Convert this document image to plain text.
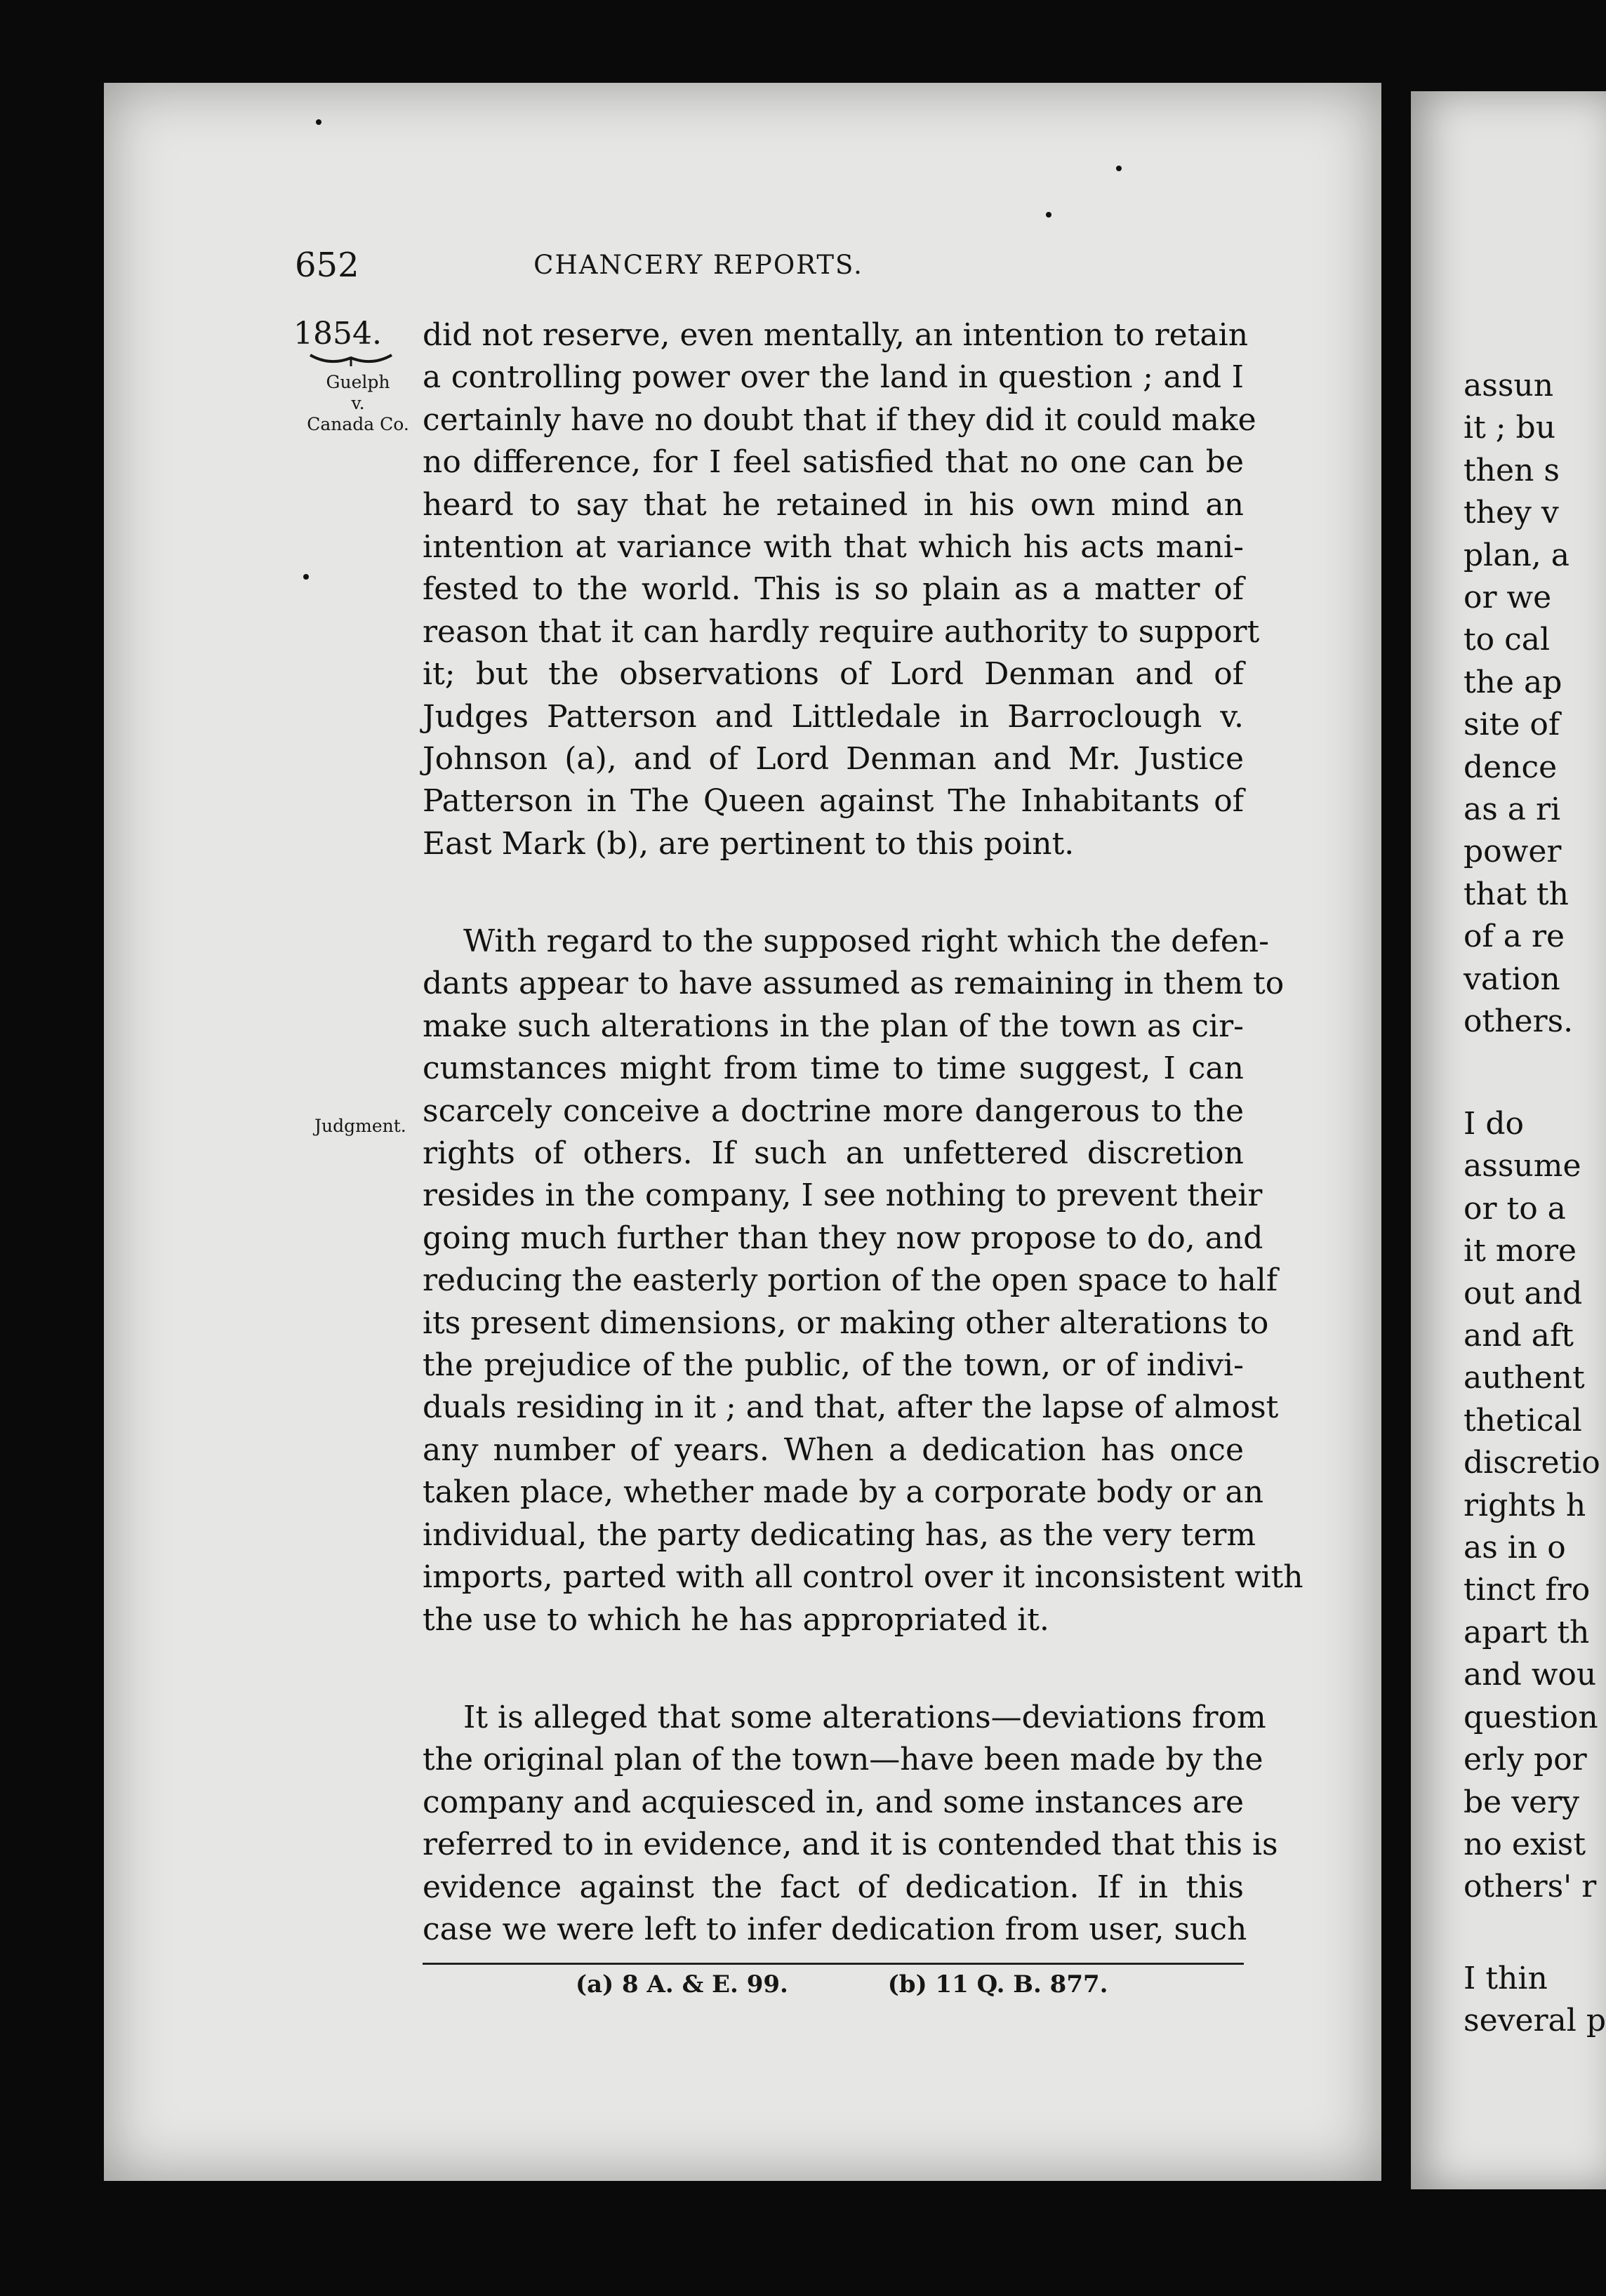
652	CHANCERY REPORTS.
1854.
Guelph
v.
Canada Co.
Judgment.
did not reserve, even mentally, an intention to retain
a controlling power over the land in question ; and I
certainly have no doubt that if they did it could make
no difference, for I feel satisfied that no one can be
heard to say that he retained in his own mind an
intention at variance with that which his acts mani-
fested to the world. This is so plain as a matter of
reason that it can hardly require authority to support
it; but the observations of Lord Denman and of
Judges Patterson and Littledale in Barroclough v.
Johnson (a), and of Lord Denman and Mr. Justice
Patterson in The Queen against The Inhabitants of
East Mark (b), are pertinent to this point.
With regard to the supposed right which the defen-
dants appear to have assumed as remaining in them to
make such alterations in the plan of the town as cir-
cumstances might from time to time suggest, I can
scarcely conceive a doctrine more dangerous to the
rights of others. If such an unfettered discretion
resides in the company, I see nothing to prevent their
going much further than they now propose to do, and
reducing the easterly portion of the open space to half
its present dimensions, or making other alterations to
the prejudice of the public, of the town, or of indivi-
duals residing in it ; and that, after the lapse of almost
any number of years. When a dedication has once
taken place, whether made by a corporate body or an
individual, the party dedicating has, as the very term
imports, parted with all control over it inconsistent with
the use to which he has appropriated it.
It is alleged that some alterations—deviations from
the original plan of the town—have been made by the
company and acquiesced in, and some instances are
referred to in evidence, and it is contended that this is
evidence against the fact of dedication. If in this
case we were left to infer dedication from user, such
(a) 8 A. & E. 99.	(b) 11 Q. B. 877.
assun
it ; bu
then s
they v
plan, a
or we
to cal
the ap
site of
dence
as a ri
power
that th
of a re
vation
others.
I do
assume
or to a
it more
out and
and aft
authent
thetical
discretio
rights h
as in o
tinct fro
apart th
and wou
question
erly por
be very
no exist
others' r
I thin
several p
